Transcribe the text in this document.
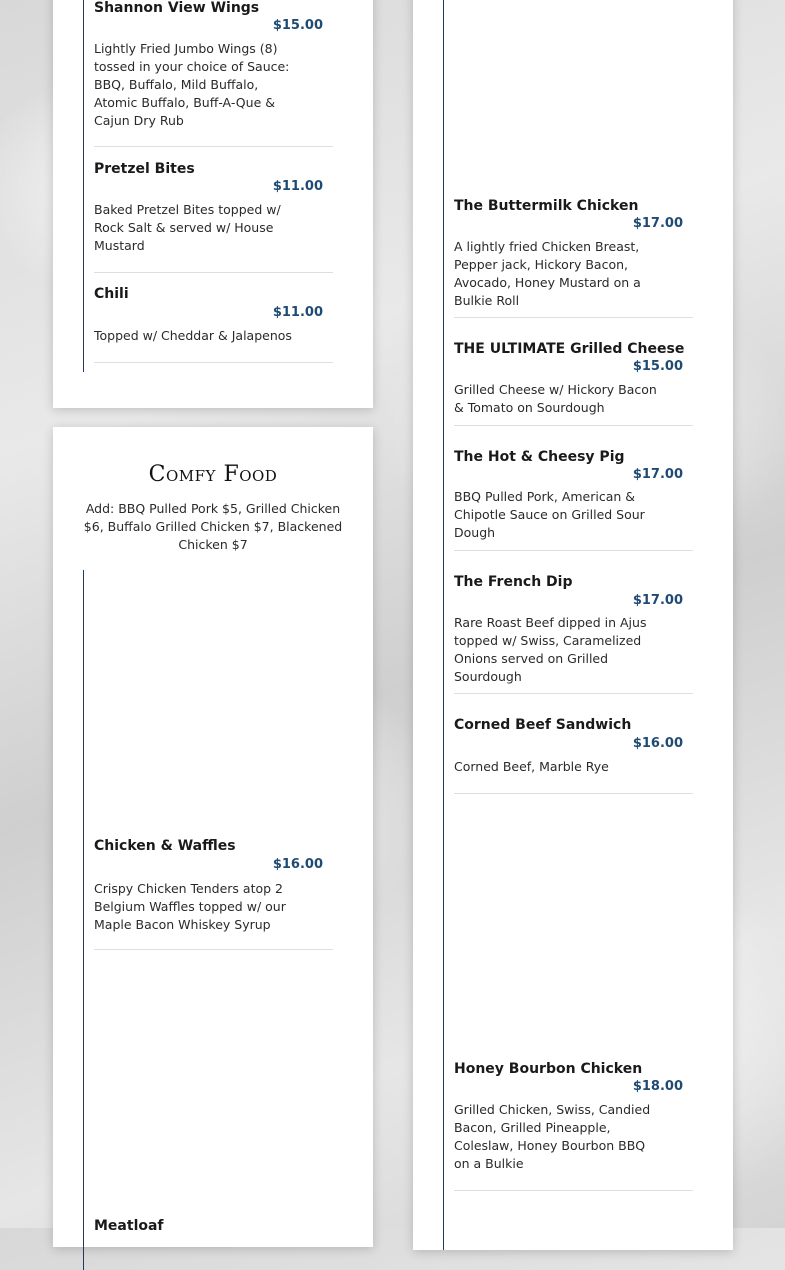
Shannon View Wings
$15.00
Lightly Fried Jumbo Wings (8) tossed in your choice of Sauce: BBQ, Buffalo, Mild Buffalo, Atomic Buffalo, Buff-A-Que & Cajun Dry Rub
Pretzel Bites
$11.00
Baked Pretzel Bites topped w/ Rock Salt & served w/ House Mustard
Chili
$11.00
Topped w/ Cheddar & Jalapenos
Comfy Food
Add: BBQ Pulled Pork $5, Grilled Chicken $6, Buffalo Grilled Chicken $7, Blackened Chicken $7
Chicken & Waffles
$16.00
Crispy Chicken Tenders atop 2 Belgium Waffles topped w/ our Maple Bacon Whiskey Syrup
Meatloaf
The Buttermilk Chicken
$17.00
A lightly fried Chicken Breast, Pepper jack, Hickory Bacon, Avocado, Honey Mustard on a Bulkie Roll
THE ULTIMATE Grilled Cheese
$15.00
Grilled Cheese w/ Hickory Bacon & Tomato on Sourdough
The Hot & Cheesy Pig
$17.00
BBQ Pulled Pork, American & Chipotle Sauce on Grilled Sour Dough
The French Dip
$17.00
Rare Roast Beef dipped in Ajus topped w/ Swiss, Caramelized Onions served on Grilled Sourdough
Corned Beef Sandwich
$16.00
Corned Beef, Marble Rye
Honey Bourbon Chicken
$18.00
Grilled Chicken, Swiss, Candied Bacon, Grilled Pineapple, Coleslaw, Honey Bourbon BBQ on a Bulkie
